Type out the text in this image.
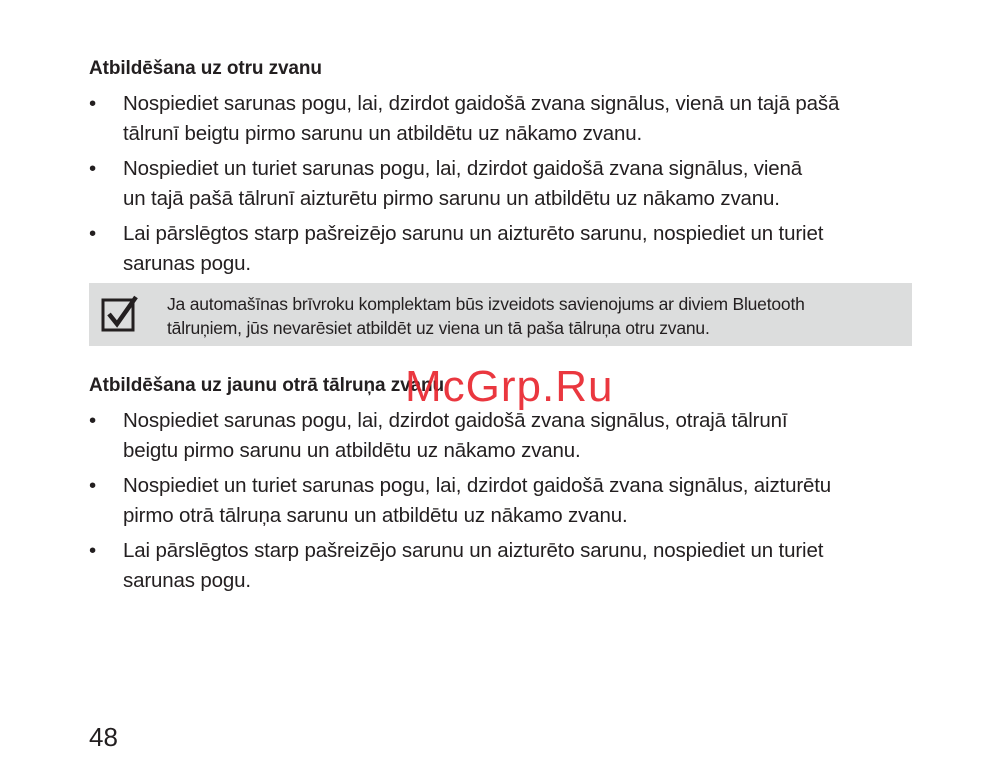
Atbildēšana uz otru zvanu
•	Nospiediet sarunas pogu, lai, dzirdot gaidošā zvana signālus, vienā un tajā pašā
tālrunī beigtu pirmo sarunu un atbildētu uz nākamo zvanu.
•	Nospiediet un turiet sarunas pogu, lai, dzirdot gaidošā zvana signālus, vienā
un tajā pašā tālrunī aizturētu pirmo sarunu un atbildētu uz nākamo zvanu.
•	Lai pārslēgtos starp pašreizējo sarunu un aizturēto sarunu, nospiediet un turiet
sarunas pogu.
Ja automašīnas brīvroku komplektam būs izveidots savienojums ar diviem Bluetooth
tālruņiem, jūs nevarēsiet atbildēt uz viena un tā paša tālruņa otru zvanu.
Atbildēšana uz jaunu otrā tālruņa zvanu
•	Nospiediet sarunas pogu, lai, dzirdot gaidošā zvana signālus, otrajā tālrunī
beigtu pirmo sarunu un atbildētu uz nākamo zvanu.
•	Nospiediet un turiet sarunas pogu, lai, dzirdot gaidošā zvana signālus, aizturētu
pirmo otrā tālruņa sarunu un atbildētu uz nākamo zvanu.
•	Lai pārslēgtos starp pašreizējo sarunu un aizturēto sarunu, nospiediet un turiet
sarunas pogu.
McGrp.Ru
48
